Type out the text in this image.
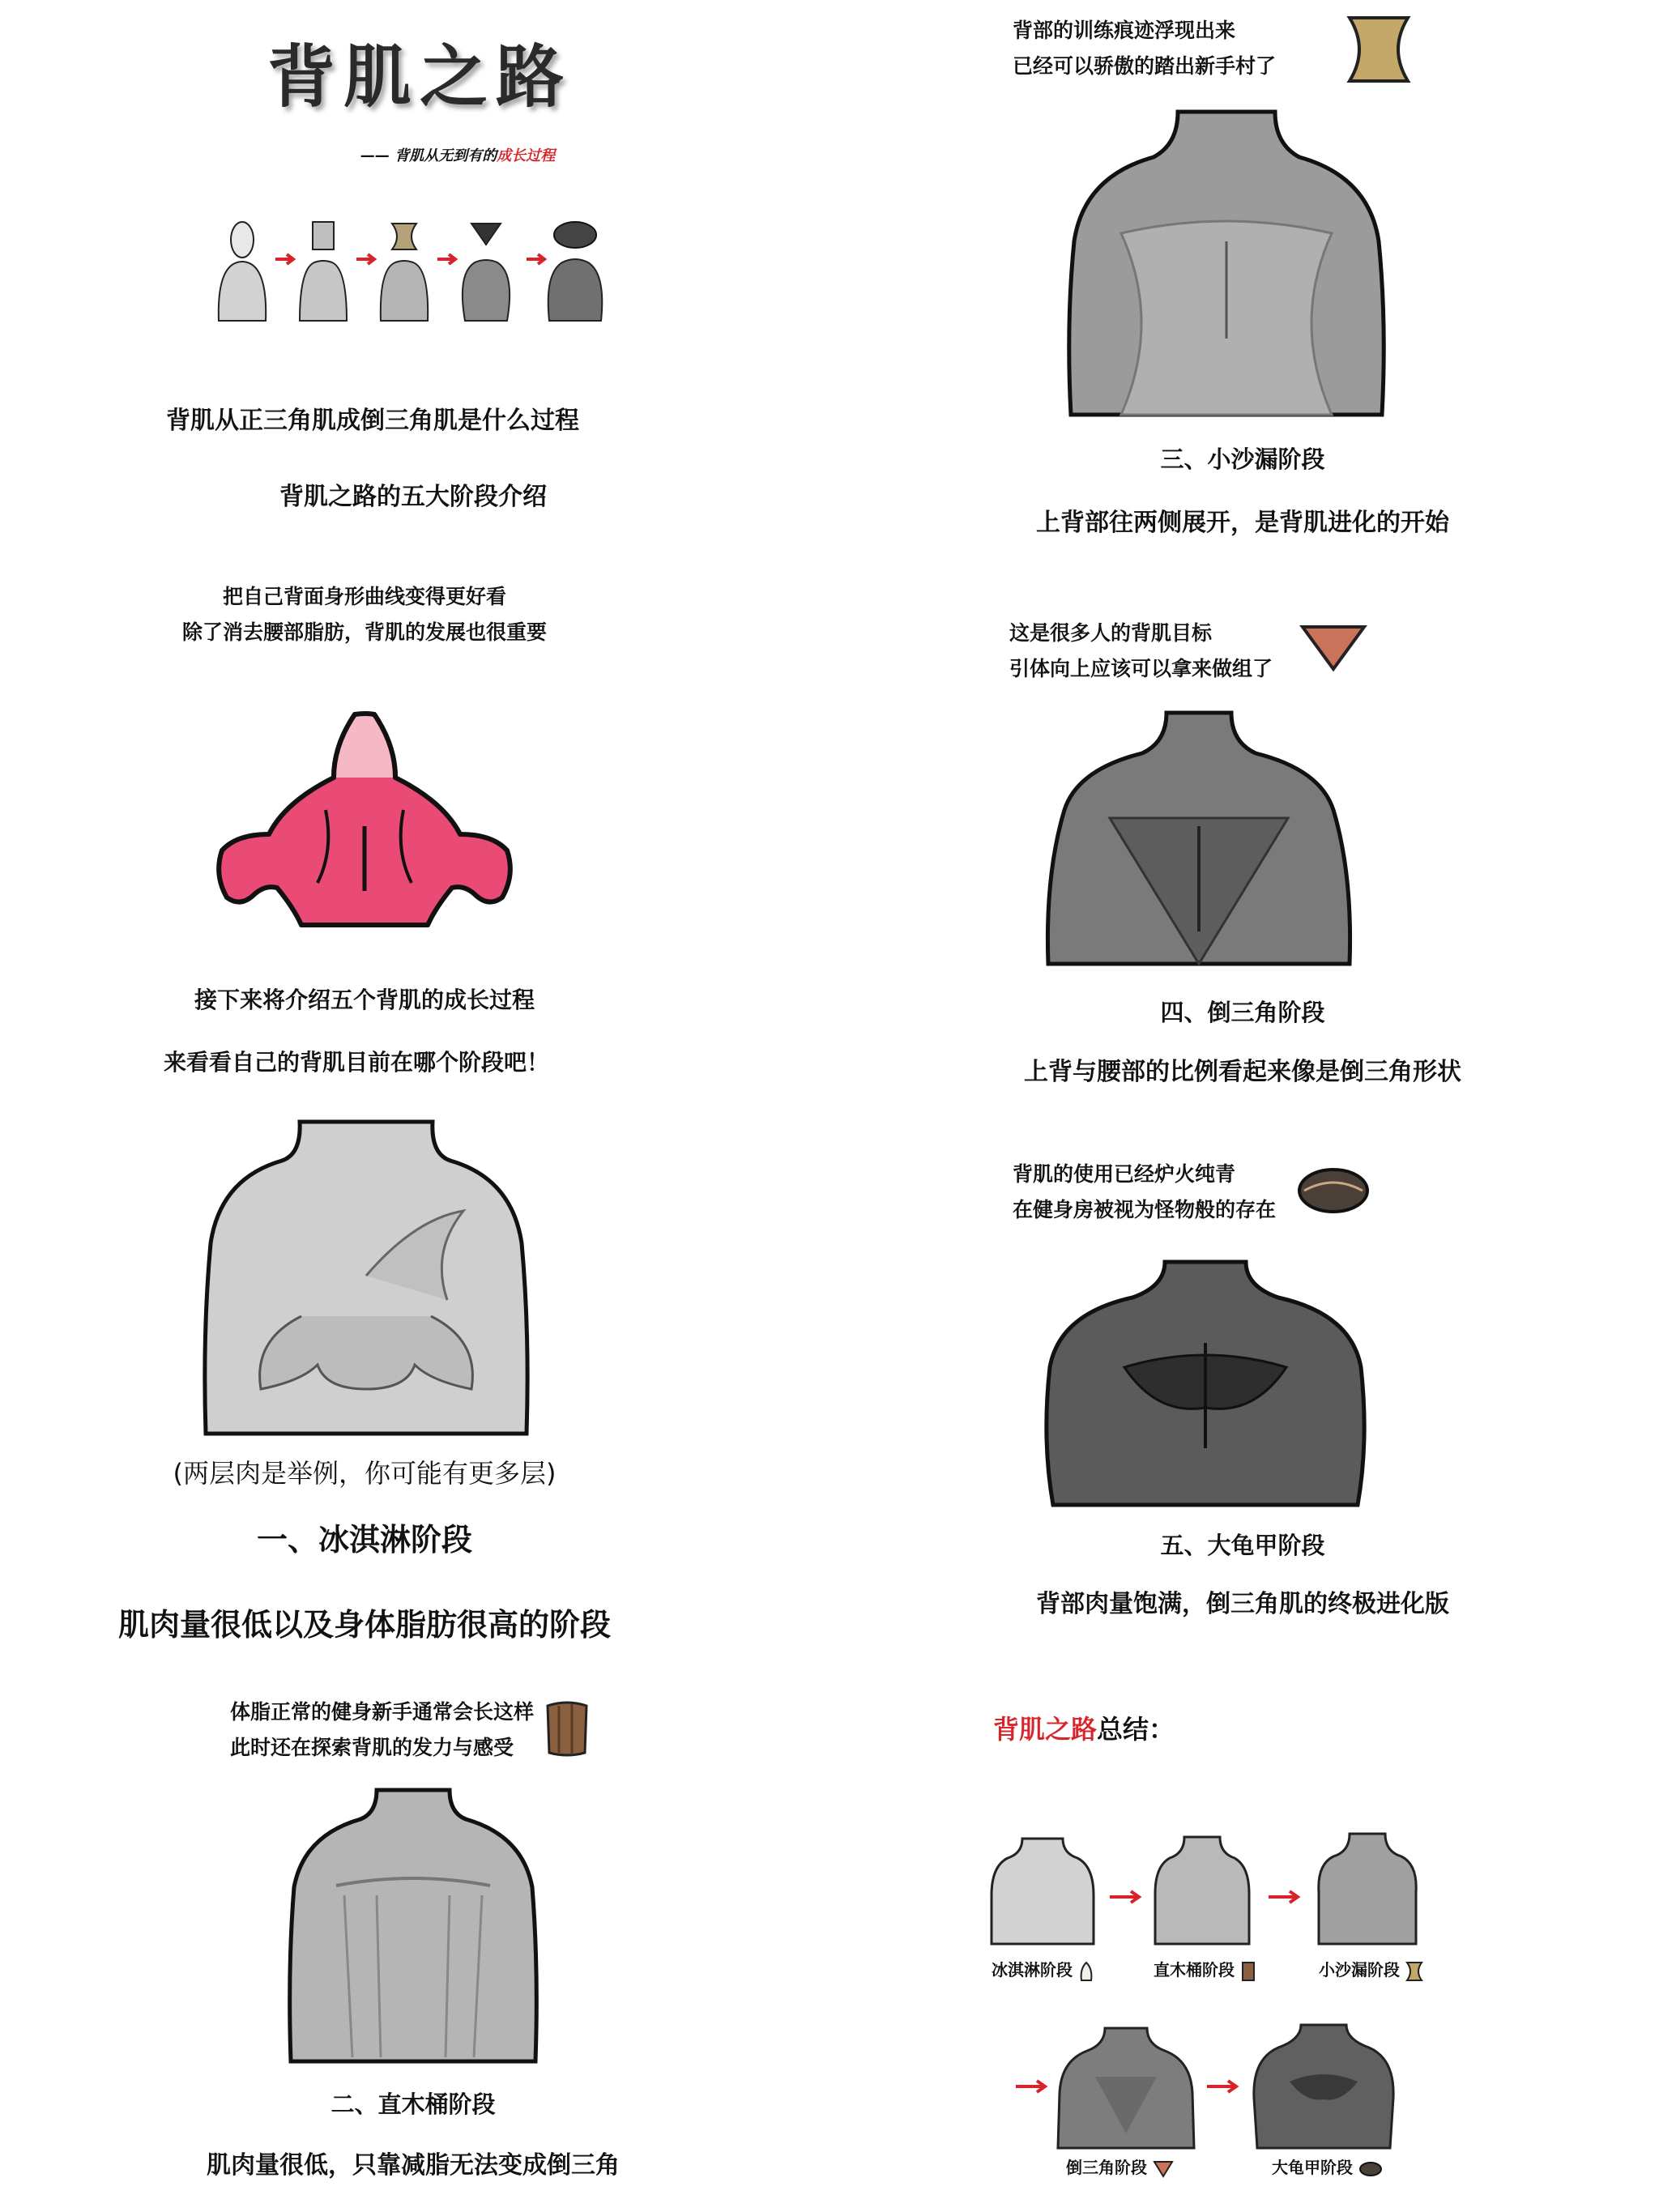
背肌之路
—— 背肌从无到有的成长过程
背肌从正三角肌成倒三角肌是什么过程
背肌之路的五大阶段介绍
把自己背面身形曲线变得更好看
除了消去腰部脂肪，背肌的发展也很重要
接下来将介绍五个背肌的成长过程
来看看自己的背肌目前在哪个阶段吧！
(两层肉是举例，你可能有更多层)
一、冰淇淋阶段
肌肉量很低以及身体脂肪很高的阶段
体脂正常的健身新手通常会长这样
此时还在探索背肌的发力与感受
二、直木桶阶段
肌肉量很低，只靠减脂无法变成倒三角
背部的训练痕迹浮现出来
已经可以骄傲的踏出新手村了
三、小沙漏阶段
上背部往两侧展开，是背肌进化的开始
这是很多人的背肌目标
引体向上应该可以拿来做组了
四、倒三角阶段
上背与腰部的比例看起来像是倒三角形状
背肌的使用已经炉火纯青
在健身房被视为怪物般的存在
五、大龟甲阶段
背部肉量饱满，倒三角肌的终极进化版
背肌之路总结：
冰淇淋阶段	直木桶阶段	小沙漏阶段
倒三角阶段	大龟甲阶段
